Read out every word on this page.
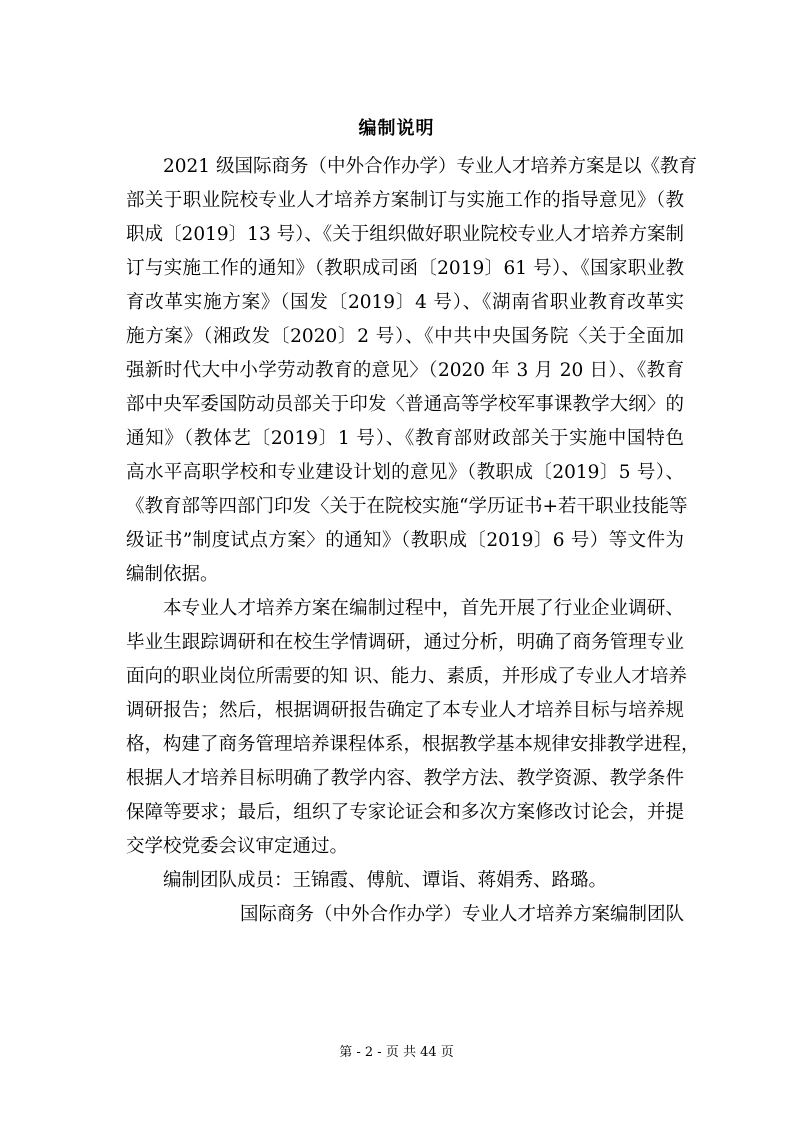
编制说明
2021 级国际商务（中外合作办学）专业人才培养方案是以《教育
部关于职业院校专业人才培养方案制订与实施工作的指导意见》（教
职成〔2019〕13 号）、《关于组织做好职业院校专业人才培养方案制
订与实施工作的通知》（教职成司函〔2019〕61 号）、《国家职业教
育改革实施方案》（国发〔2019〕4 号）、《湖南省职业教育改革实
施方案》（湘政发〔2020〕2 号）、《中共中央国务院〈关于全面加
强新时代大中小学劳动教育的意见〉（2020 年 3 月 20 日）、《教育
部中央军委国防动员部关于印发〈普通高等学校军事课教学大纲〉的
通知》（教体艺〔2019〕1 号）、《教育部财政部关于实施中国特色
高水平高职学校和专业建设计划的意见》（教职成〔2019〕5 号）、
《教育部等四部门印发〈关于在院校实施“学历证书+若干职业技能等
级证书”制度试点方案〉的通知》（教职成〔2019〕6 号）等文件为
编制依据。
本专业人才培养方案在编制过程中，首先开展了行业企业调研、
毕业生跟踪调研和在校生学情调研，通过分析，明确了商务管理专业
面向的职业岗位所需要的知 识、能力、素质，并形成了专业人才培养
调研报告；然后，根据调研报告确定了本专业人才培养目标与培养规
格，构建了商务管理培养课程体系，根据教学基本规律安排教学进程，
根据人才培养目标明确了教学内容、教学方法、教学资源、教学条件
保障等要求；最后，组织了专家论证会和多次方案修改讨论会，并提
交学校党委会议审定通过。
编制团队成员：王锦霞、傅航、谭诣、蒋娟秀、路璐。
国际商务（中外合作办学）专业人才培养方案编制团队
第 - 2 - 页 共 44 页
